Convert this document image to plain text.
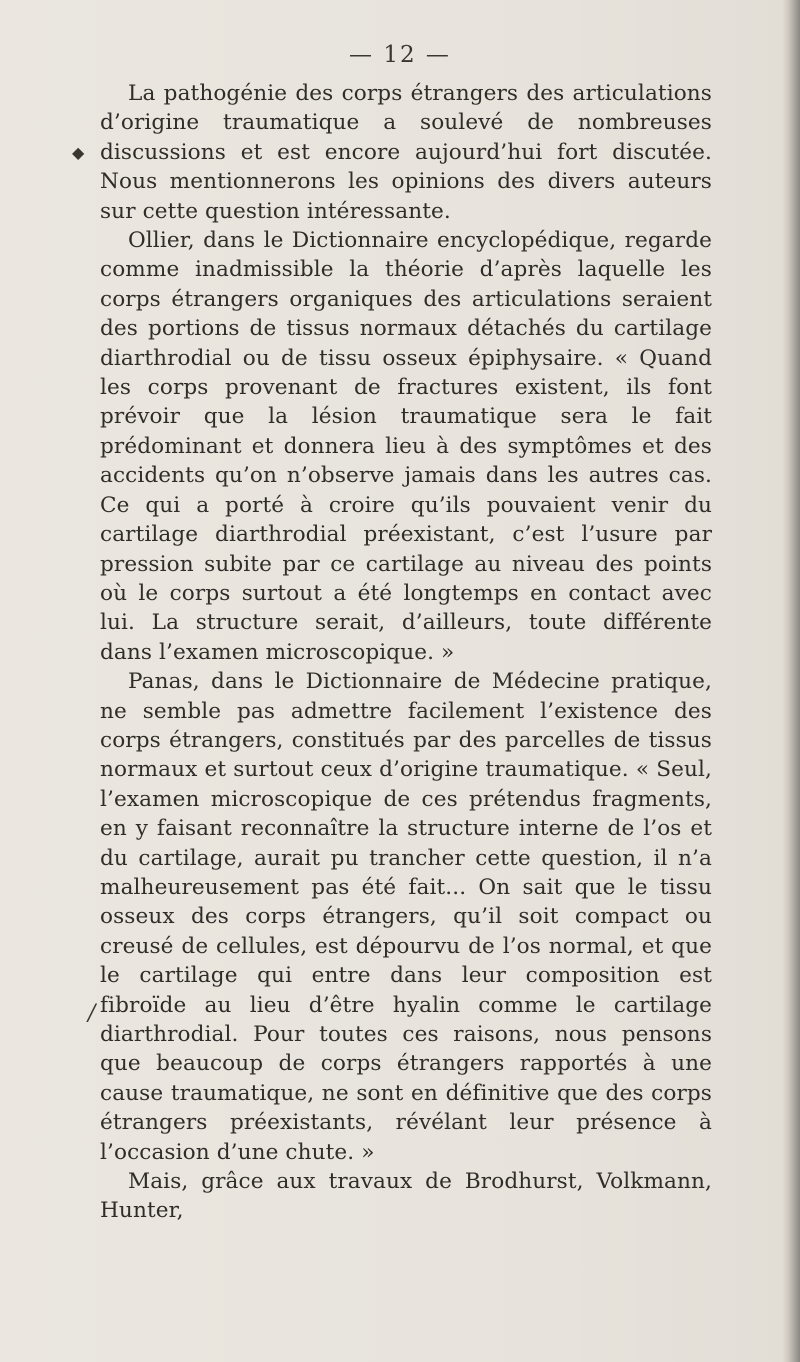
— 12 —
◆
/

La pathogénie des corps étrangers des articulations d’origine traumatique a soulevé de nombreuses discussions et est encore aujourd’hui fort discutée. Nous mentionnerons les opinions des divers auteurs sur cette question intéressante.

Ollier, dans le Dictionnaire encyclopédique, regarde comme inadmissible la théorie d’après laquelle les corps étrangers organiques des articulations seraient des portions de tissus normaux détachés du cartilage diarthrodial ou de tissu osseux épiphysaire. « Quand les corps provenant de fractures existent, ils font prévoir que la lésion traumatique sera le fait prédominant et donnera lieu à des symptômes et des accidents qu’on n’observe jamais dans les autres cas. Ce qui a porté à croire qu’ils pouvaient venir du cartilage diarthrodial préexistant, c’est l’usure par pression subite par ce cartilage au niveau des points où le corps surtout a été longtemps en contact avec lui. La structure serait, d’ailleurs, toute différente dans l’examen microscopique. »

Panas, dans le Dictionnaire de Médecine pratique, ne semble pas admettre facilement l’existence des corps étrangers, constitués par des parcelles de tissus normaux et surtout ceux d’origine traumatique. « Seul, l’examen microscopique de ces prétendus fragments, en y faisant reconnaître la structure interne de l’os et du cartilage, aurait pu trancher cette question, il n’a malheureusement pas été fait... On sait que le tissu osseux des corps étrangers, qu’il soit compact ou creusé de cellules, est dépourvu de l’os normal, et que le cartilage qui entre dans leur composition est fibroïde au lieu d’être hyalin comme le cartilage diarthrodial. Pour toutes ces raisons, nous pensons que beaucoup de corps étrangers rapportés à une cause traumatique, ne sont en définitive que des corps étrangers préexistants, révélant leur présence à l’occasion d’une chute. »

Mais, grâce aux travaux de Brodhurst, Volkmann, Hunter,
